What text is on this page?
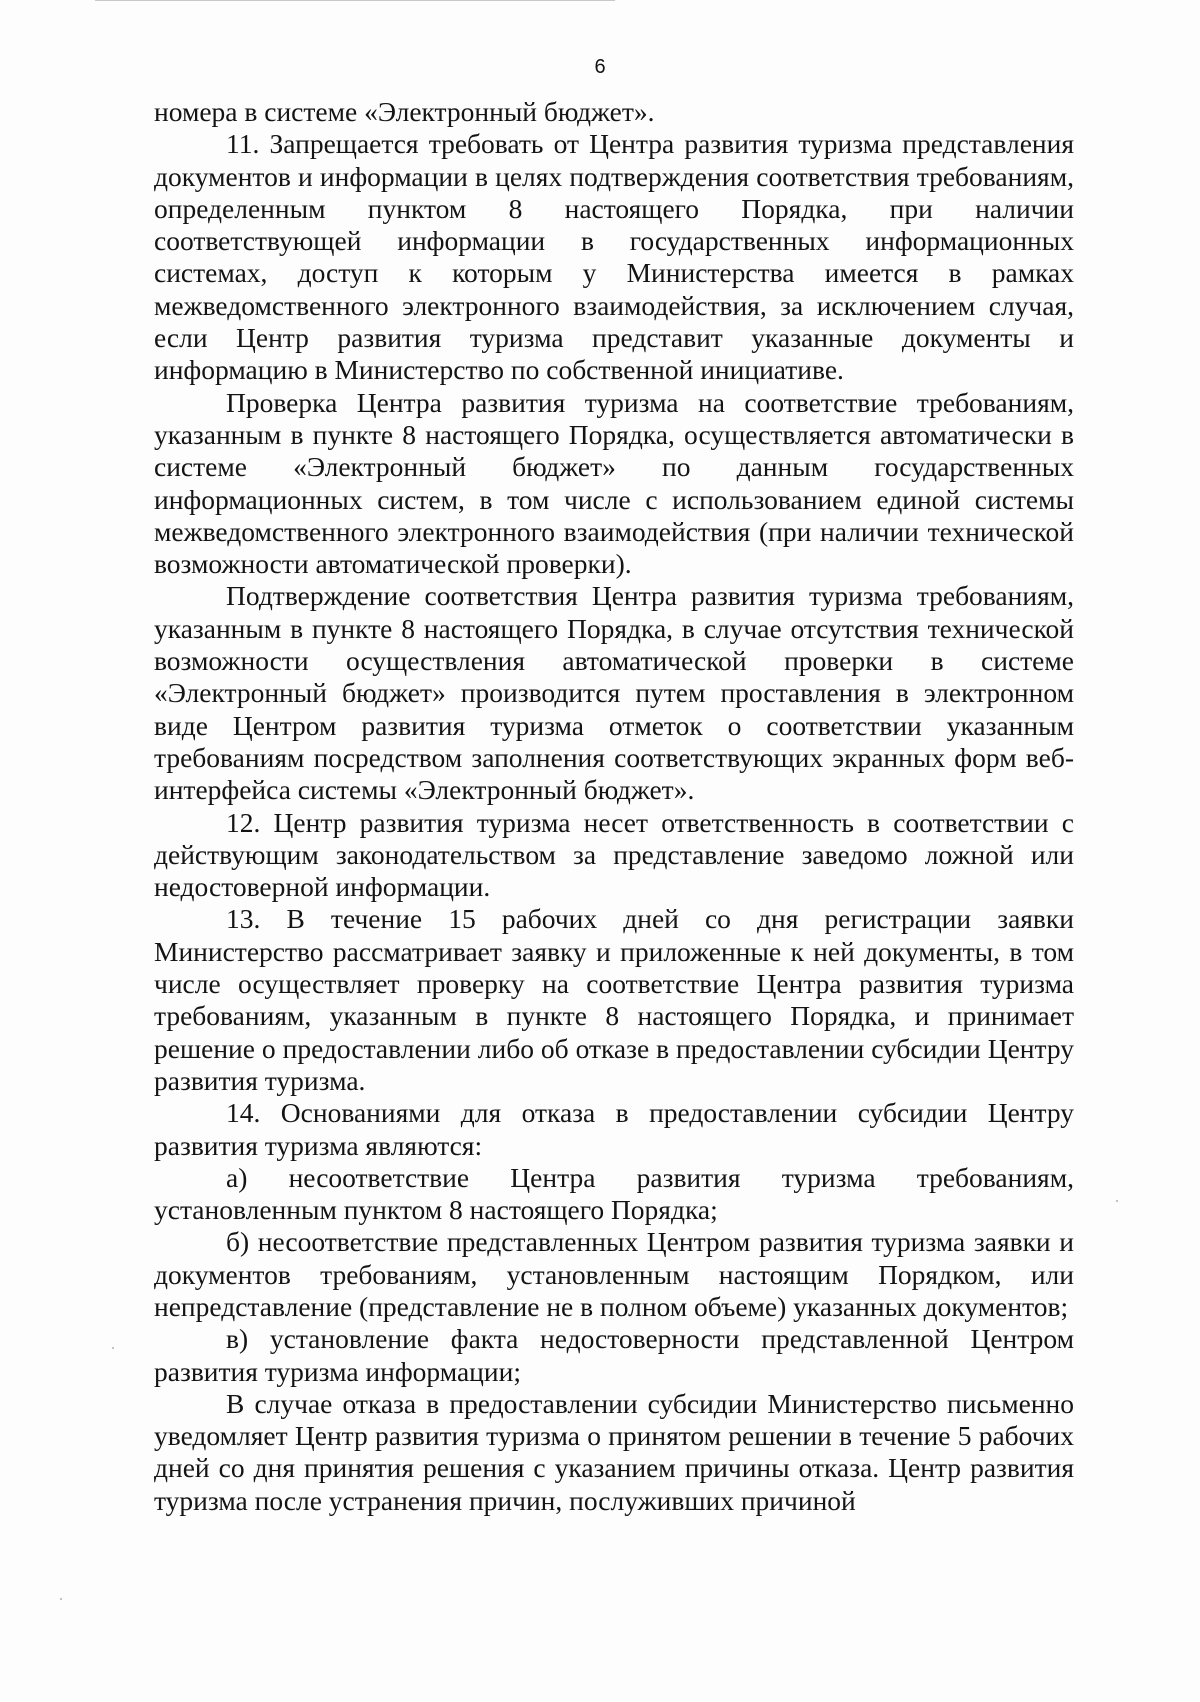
6

номера в системе «Электронный бюджет».

11. Запрещается требовать от Центра развития туризма представления документов и информации в целях подтверждения соответствия требованиям, определенным пунктом 8 настоящего Порядка, при наличии соответствующей информации в государственных информационных системах, доступ к которым у Министерства имеется в рамках межведомственного электронного взаимодействия, за исключением случая, если Центр развития туризма представит указанные документы и информацию в Министерство по собственной инициативе.

Проверка Центра развития туризма на соответствие требованиям, указанным в пункте 8 настоящего Порядка, осуществляется автоматически в системе «Электронный бюджет» по данным государственных информационных систем, в том числе с использованием единой системы межведомственного электронного взаимодействия (при наличии технической возможности автоматической проверки).

Подтверждение соответствия Центра развития туризма требованиям, указанным в пункте 8 настоящего Порядка, в случае отсутствия технической возможности осуществления автоматической проверки в системе «Электронный бюджет» производится путем проставления в электронном виде Центром развития туризма отметок о соответствии указанным требованиям посредством заполнения соответствующих экранных форм веб-интерфейса системы «Электронный бюджет».

12. Центр развития туризма несет ответственность в соответствии с действующим законодательством за представление заведомо ложной или недостоверной информации.

13. В течение 15 рабочих дней со дня регистрации заявки Министерство рассматривает заявку и приложенные к ней документы, в том числе осуществляет проверку на соответствие Центра развития туризма требованиям, указанным в пункте 8 настоящего Порядка, и принимает решение о предоставлении либо об отказе в предоставлении субсидии Центру развития туризма.

14. Основаниями для отказа в предоставлении субсидии Центру развития туризма являются:

а) несоответствие Центра развития туризма требованиям, установленным пунктом 8 настоящего Порядка;

б) несоответствие представленных Центром развития туризма заявки и документов требованиям, установленным настоящим Порядком, или непредставление (представление не в полном объеме) указанных документов;

в) установление факта недостоверности представленной Центром развития туризма информации;

В случае отказа в предоставлении субсидии Министерство письменно уведомляет Центр развития туризма о принятом решении в течение 5 рабочих дней со дня принятия решения с указанием причины отказа. Центр развития туризма после устранения причин, послуживших причиной
